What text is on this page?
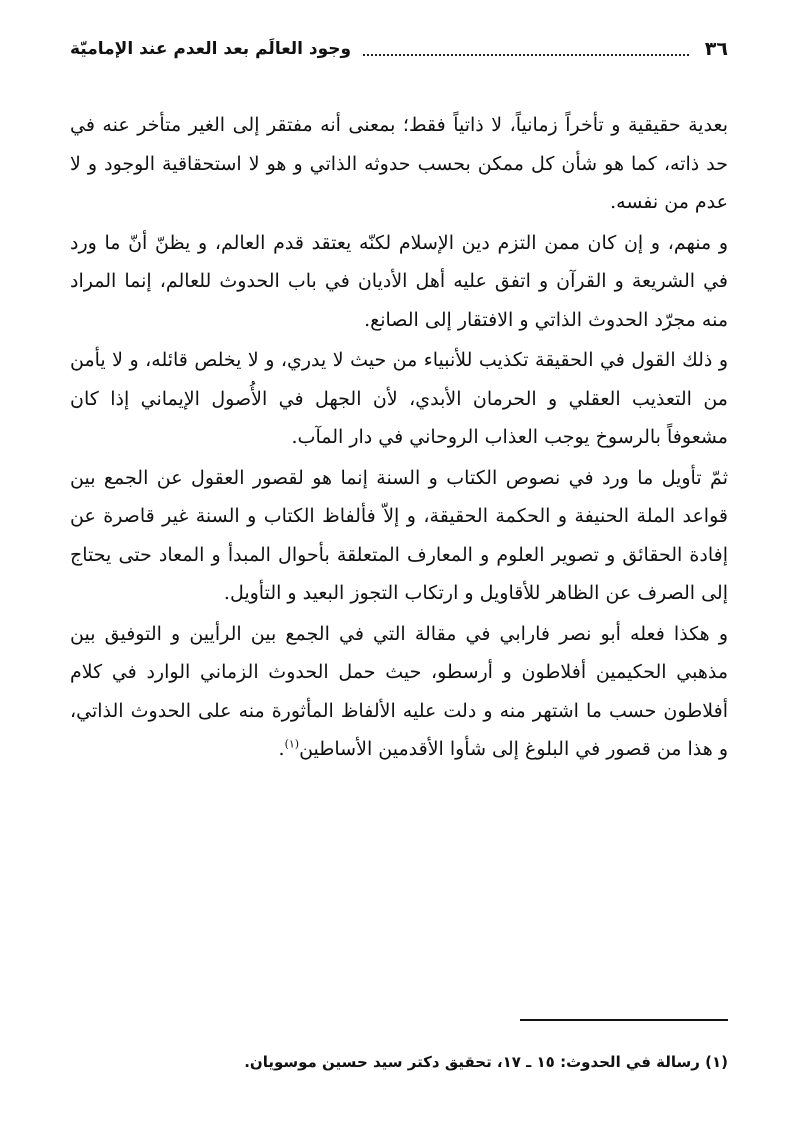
٣٦
وجود العالَم بعد العدم عند الإماميّة

بعدية حقيقية و تأخراً زمانياً، لا ذاتياً فقط؛ بمعنى أنه مفتقر إلى الغير متأخر عنه في حد ذاته، كما هو شأن كل ممكن بحسب حدوثه الذاتي و هو لا استحقاقية الوجود و لا عدم من نفسه.

و منهم، و إن كان ممن التزم دين الإسلام لكنّه يعتقد قدم العالم، و يظنّ أنّ ما ورد في الشريعة و القرآن و اتفق عليه أهل الأديان في باب الحدوث للعالم، إنما المراد منه مجرّد الحدوث الذاتي و الافتقار إلى الصانع.

و ذلك القول في الحقيقة تكذيب للأنبياء من حيث لا يدري، و لا يخلص قائله، و لا يأمن من التعذيب العقلي و الحرمان الأبدي، لأن الجهل في الأُصول الإيماني إذا كان مشعوفاً بالرسوخ يوجب العذاب الروحاني في دار المآب.

ثمّ تأويل ما ورد في نصوص الكتاب و السنة إنما هو لقصور العقول عن الجمع بين قواعد الملة الحنيفة و الحكمة الحقيقة، و إلاّ فألفاظ الكتاب و السنة غير قاصرة عن إفادة الحقائق و تصوير العلوم و المعارف المتعلقة بأحوال المبدأ و المعاد حتى يحتاج إلى الصرف عن الظاهر للأقاويل و ارتكاب التجوز البعيد و التأويل.

و هكذا فعله أبو نصر فارابي في مقالة التي في الجمع بين الرأيين و التوفيق بين مذهبي الحكيمين أفلاطون و أرسطو، حيث حمل الحدوث الزماني الوارد في كلام أفلاطون حسب ما اشتهر منه و دلت عليه الألفاظ المأثورة منه على الحدوث الذاتي، و هذا من قصور في البلوغ إلى شأوا الأقدمين الأساطين$^{(١)}$.

(١) رسالة في الحدوث: ١٥ ـ ١٧، تحقيق دكتر سيد حسين موسويان.
